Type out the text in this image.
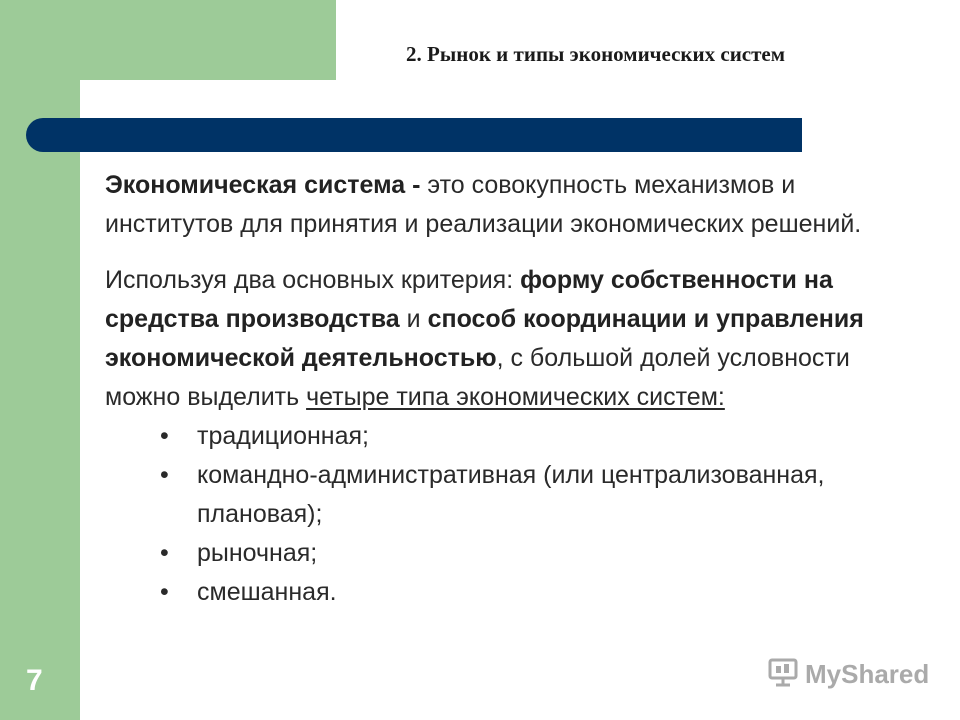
2. Рынок и типы экономических систем

Экономическая система - это совокупность механизмов и институтов для принятия и реализации экономических решений.

Используя два основных критерия: форму собственности на средства производства и способ координации и управления экономической деятельностью, с большой долей условности можно выделить четыре типа экономических систем:

• традиционная;
• командно-административная (или централизованная, плановая);
• рыночная;
• смешанная.
7	MyShared
